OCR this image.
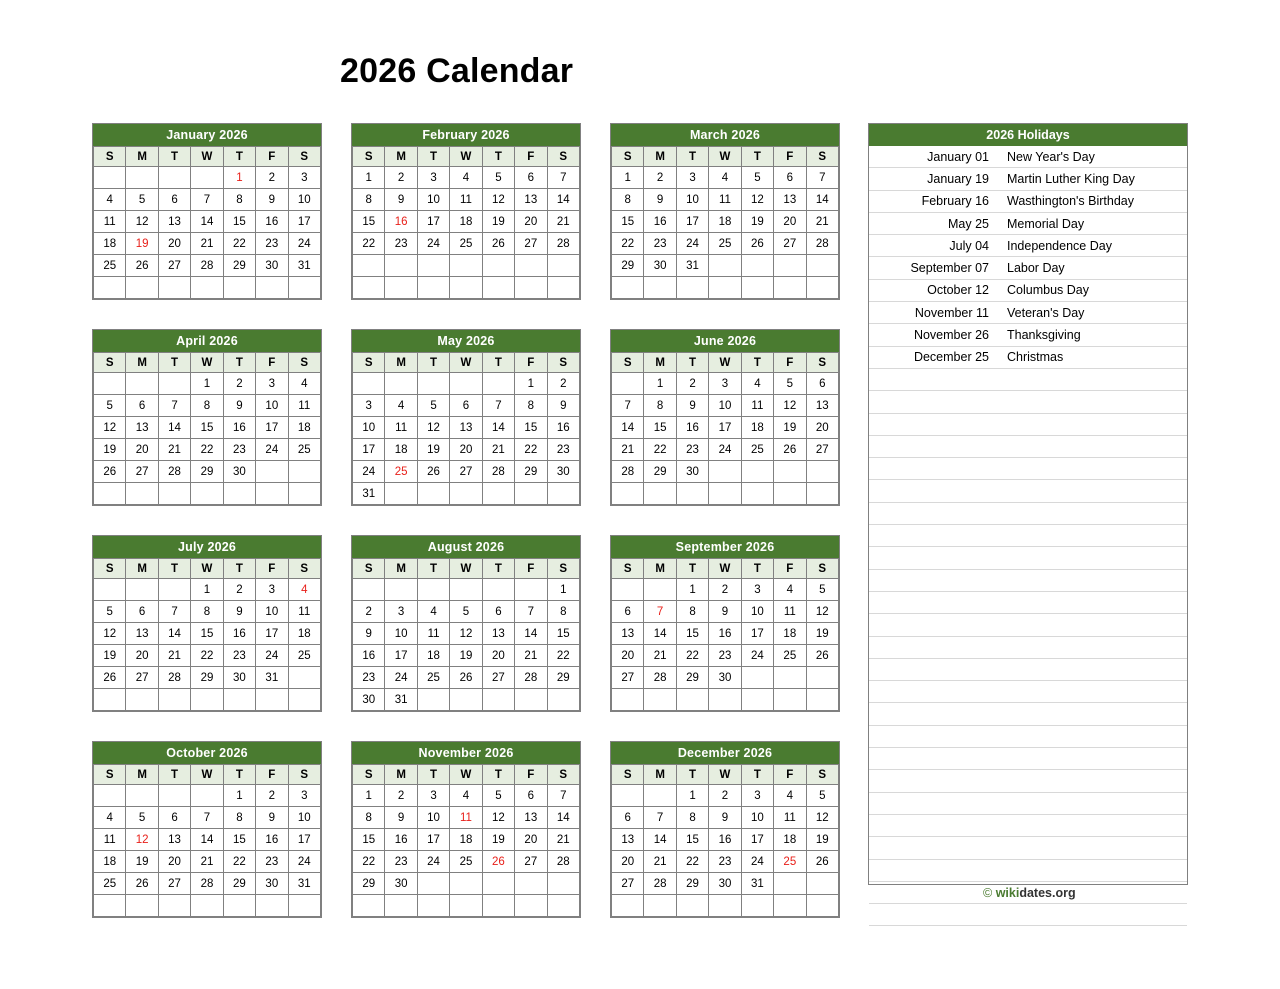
2026 Calendar
January 2026
S	M	T	W	T	F	S
				1	2	3
4	5	6	7	8	9	10
11	12	13	14	15	16	17
18	19	20	21	22	23	24
25	26	27	28	29	30	31

February 2026
S	M	T	W	T	F	S
1	2	3	4	5	6	7
8	9	10	11	12	13	14
15	16	17	18	19	20	21
22	23	24	25	26	27	28

March 2026
S	M	T	W	T	F	S
1	2	3	4	5	6	7
8	9	10	11	12	13	14
15	16	17	18	19	20	21
22	23	24	25	26	27	28
29	30	31				

April 2026
S	M	T	W	T	F	S
			1	2	3	4
5	6	7	8	9	10	11
12	13	14	15	16	17	18
19	20	21	22	23	24	25
26	27	28	29	30		

May 2026
S	M	T	W	T	F	S
					1	2
3	4	5	6	7	8	9
10	11	12	13	14	15	16
17	18	19	20	21	22	23
24	25	26	27	28	29	30
31						
June 2026
S	M	T	W	T	F	S
	1	2	3	4	5	6
7	8	9	10	11	12	13
14	15	16	17	18	19	20
21	22	23	24	25	26	27
28	29	30				

July 2026
S	M	T	W	T	F	S
			1	2	3	4
5	6	7	8	9	10	11
12	13	14	15	16	17	18
19	20	21	22	23	24	25
26	27	28	29	30	31	

August 2026
S	M	T	W	T	F	S
						1
2	3	4	5	6	7	8
9	10	11	12	13	14	15
16	17	18	19	20	21	22
23	24	25	26	27	28	29
30	31					
September 2026
S	M	T	W	T	F	S
		1	2	3	4	5
6	7	8	9	10	11	12
13	14	15	16	17	18	19
20	21	22	23	24	25	26
27	28	29	30			

October 2026
S	M	T	W	T	F	S
				1	2	3
4	5	6	7	8	9	10
11	12	13	14	15	16	17
18	19	20	21	22	23	24
25	26	27	28	29	30	31

November 2026
S	M	T	W	T	F	S
1	2	3	4	5	6	7
8	9	10	11	12	13	14
15	16	17	18	19	20	21
22	23	24	25	26	27	28
29	30					

December 2026
S	M	T	W	T	F	S
		1	2	3	4	5
6	7	8	9	10	11	12
13	14	15	16	17	18	19
20	21	22	23	24	25	26
27	28	29	30	31		

2026 Holidays
January 01	New Year's Day
January 19	Martin Luther King Day
February 16	Wasthington's Birthday
May 25	Memorial Day
July 04	Independence Day
September 07	Labor Day
October 12	Columbus Day
November 11	Veteran's Day
November 26	Thanksgiving
December 25	Christmas

© wikidates.org
